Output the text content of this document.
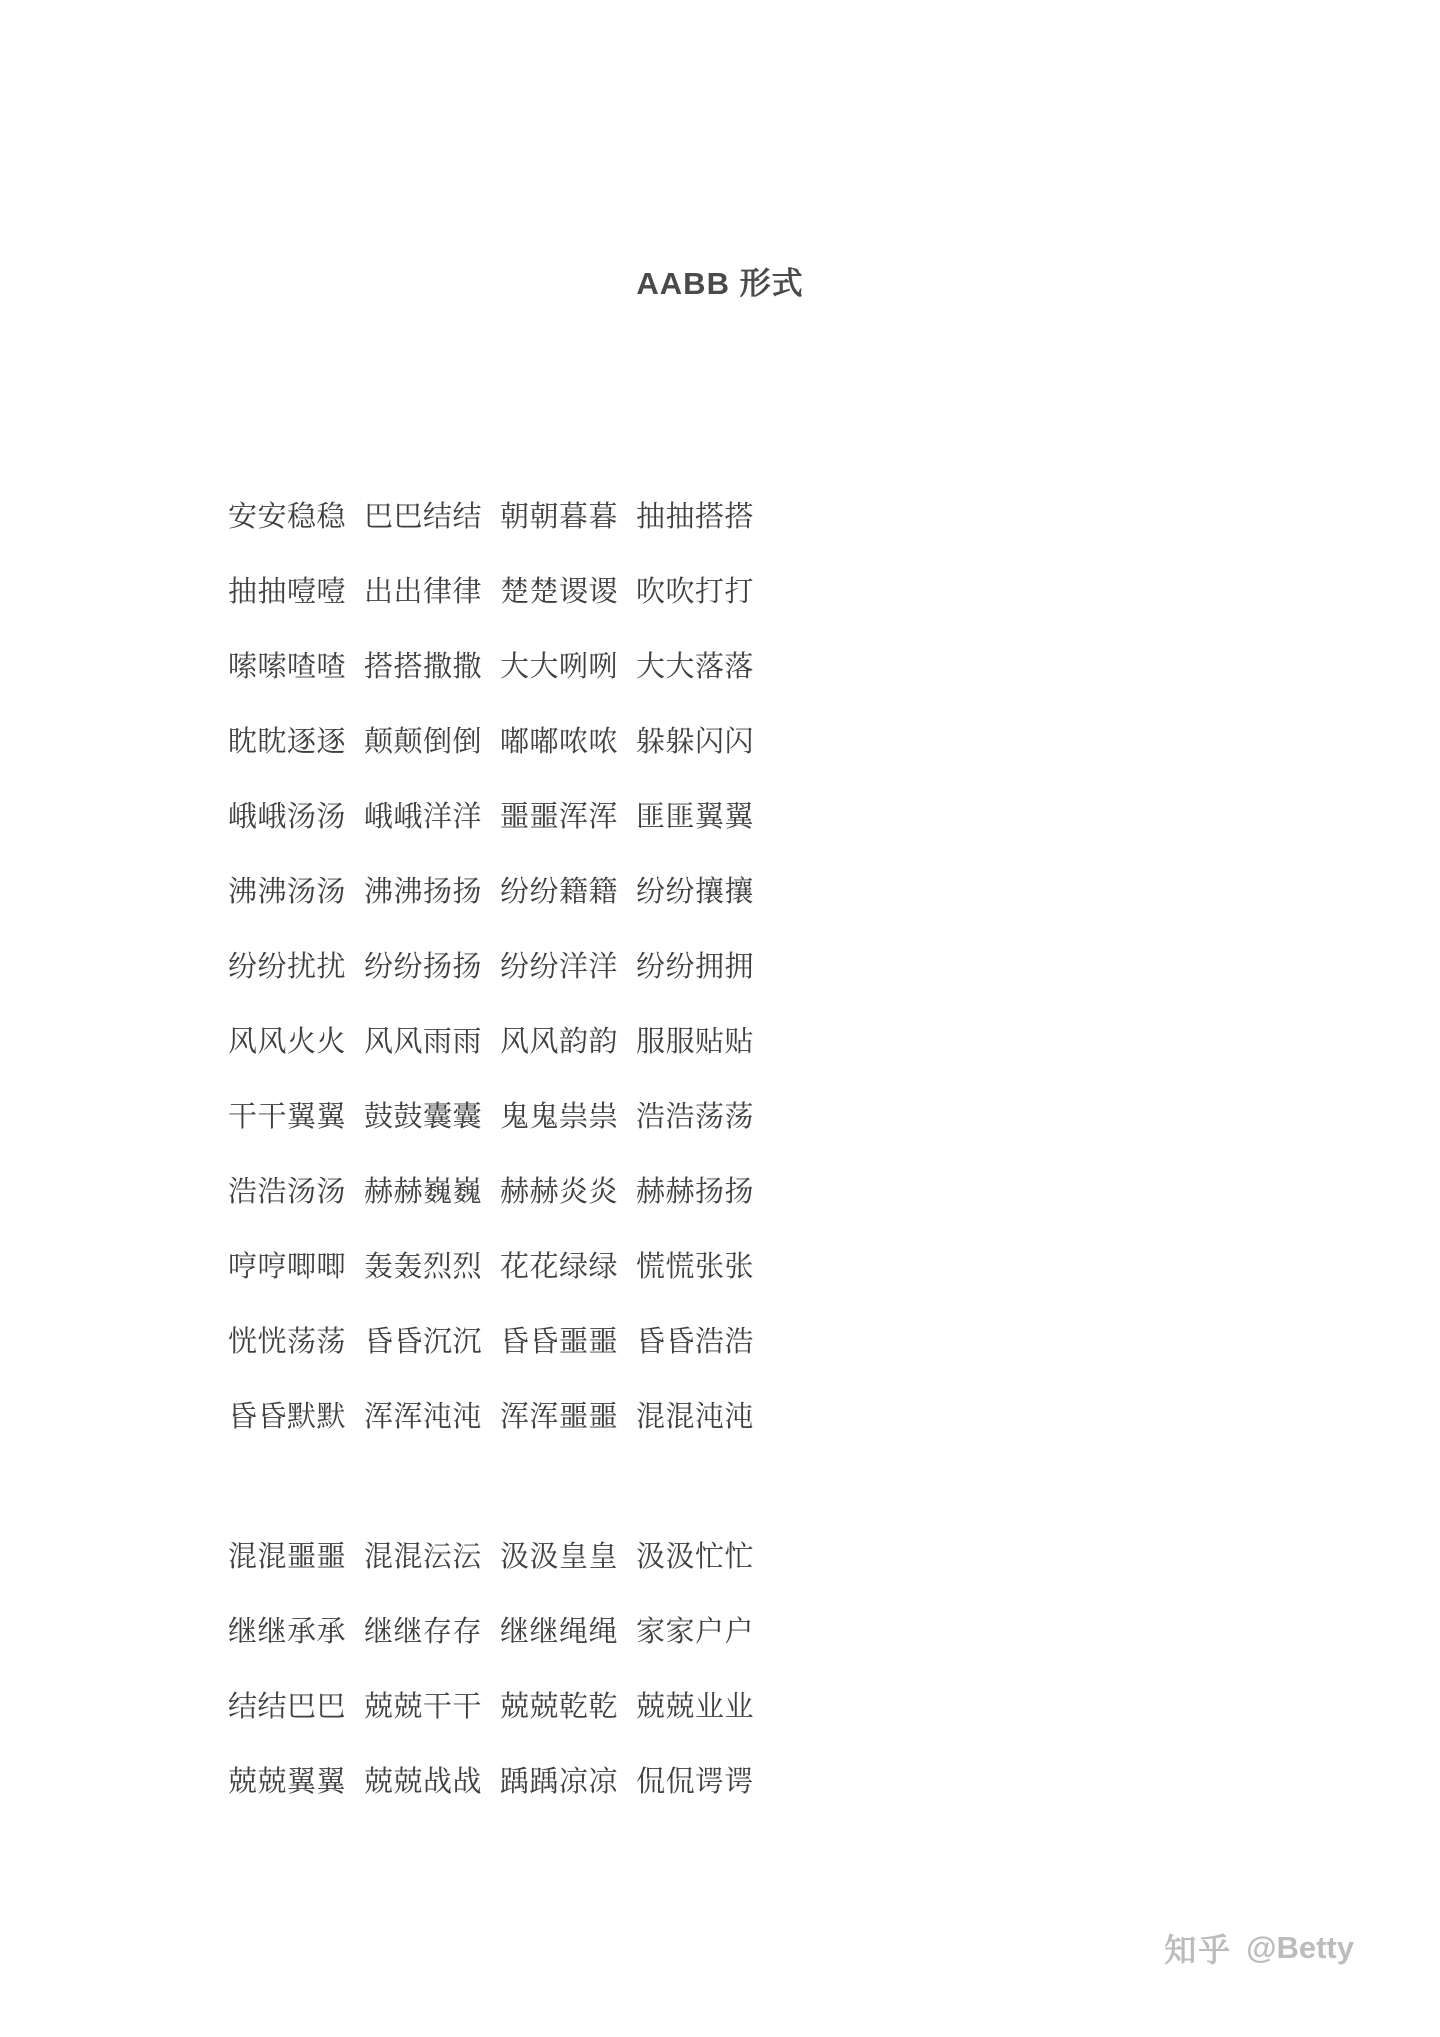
AABB 形式
安安稳稳 巴巴结结 朝朝暮暮 抽抽搭搭
抽抽噎噎 出出律律 楚楚谡谡 吹吹打打
嗦嗦喳喳 搭搭撒撒 大大咧咧 大大落落
眈眈逐逐 颠颠倒倒 嘟嘟哝哝 躲躲闪闪
峨峨汤汤 峨峨洋洋 噩噩浑浑 匪匪翼翼
沸沸汤汤 沸沸扬扬 纷纷籍籍 纷纷攘攘
纷纷扰扰 纷纷扬扬 纷纷洋洋 纷纷拥拥
风风火火 风风雨雨 风风韵韵 服服贴贴
干干翼翼 鼓鼓囊囊 鬼鬼祟祟 浩浩荡荡
浩浩汤汤 赫赫巍巍 赫赫炎炎 赫赫扬扬
哼哼唧唧 轰轰烈烈 花花绿绿 慌慌张张
恍恍荡荡 昏昏沉沉 昏昏噩噩 昏昏浩浩
昏昏默默 浑浑沌沌 浑浑噩噩 混混沌沌
混混噩噩 混混沄沄 汲汲皇皇 汲汲忙忙
继继承承 继继存存 继继绳绳 家家户户
结结巴巴 兢兢干干 兢兢乾乾 兢兢业业
兢兢翼翼 兢兢战战 踽踽凉凉 侃侃谔谔
知乎 @Betty
